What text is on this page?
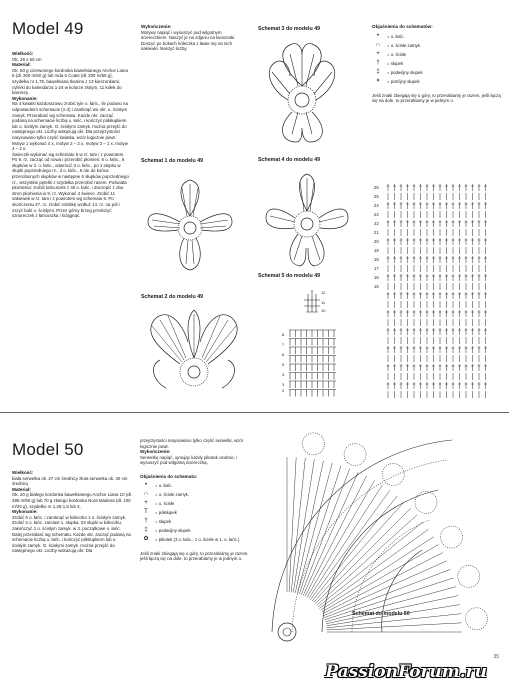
Model 49
Wielkość:
Ok. 29 x 60 cm
Materiał:
Ok. 50 g czerwonego kordonka bawełnianego Anchor Liana 5 (dł. 200 m/50 g) lub Aida 5 Coats (dł. 200 m/50 g), szydełko nr 1,75, bawełniana tkanina z 13 kieszonkami, cyferki do kalendarza 1-24 w kolorze złotym, 11 kółek do karniszy.
Wykonanie:
Na 4 kwiatki każdorazowo zrobić tyle o. łańc., ile podano na odpowiednim schemacie (1-4) i zamknąć we okr. o. ścisłym zamyk. Przerabiać wg schematu. Każde okr. zacząć podaną na schemacie liczbą o. łańc. i kończyć półsłupkiem lub o. ścisłym zamyk. O. ścisłymi zamyk. można przejść do następnego okr. Liczby wskazują okr. Dla przejrzystości narysowano tylko część kwiatka, wzór łogicznie powt. Motyw 1 wykonać 4 x, motyw 2 – 2 x, motyw 3 – 1 x, motyw 4 – 2 x.
Świeczki wykonać wg schematu 5 w rz. tam i z powrotem. Po 9. rz. zacząć od nowa i przerobić płomień. 6 o. łańc., 6 słupków w 3. o. łańc., odwrócić 3 o. łańc., po 1 słupku w słupki poprzedniego rz., 3 o. łańc., 6 nie do końca przerobionych słupków w następne 6 słupków poprzedniego rz., wszystkie pętelki z szydełka przerobić razem. Poświata płomienia: zrobić łańcuszek z 40 o. łańc. i doczepić z obu stron płomienia w 9. rz. Wykonać 4 świece. Zrobić 11 sakiewek w rz. tam i z powrotem wg schematu 6. Po skończeniu 27. rz. zrobić robótkę wzdłuż 14. rz. na pół i zszyć boki o. ścisłymi. Przez górny brzeg przełożyć sznureczek z łańcuszka i ściągnąć.
Wykończenie:
Motywy napiąć i wysuszyć pod wilgotnym ściereczkiem. Naszyć je na zdjęciu na kieszonki. Doszyć po bokach kółeczka z ławie się na nich sakiewki. Naszyć liczby.
Schemat 3 do modelu 49
Schemat 1 do modelu 49	Schemat 4 do modelu 49
Schemat 5 do modelu 49
Schemat 2 do modelu 49
12
11
10
8
7
6
5
4
3
2
Objaśnienia do schematów:
•	= o. łańc.
∩	= o. ścisłe zamyk.
+	= o. ścisłe
†	= słupek
‡	= podwójny słupek
⧧	= potrójny słupek
Jeśli znaki zbiegają się u góry, to przerabiamy je razem, jeśli łączą się na dole, to przerabiamy je w jednym o.
26
25
24
23
22
21
20
19
18
17
16
15
Model 50
Wielkość:
biała serwetka ok. 27 cm średnicy złota serwetka ok. 40 cm średnicy
Materiał:
Ok. 20 g białego kordonka bawełnianego Anchor Liana 10 (dł. 285 m/50 g) lub 70 g złotego kordonka Nora Madeira (dł. 100 m/25 g), szydełko nr 1,25-1,5 lub 2.
Wykonanie:
Zrobić 6 o. łańc. i zamknąć w kółeczko 1 o. ścisłym zamyk. Zrobić 3 o. łańc. zamiast 1. słupka, 23 słupki w kółeczku, zakończyć 1 o. ścisłym zamyk. w 3. początkowe o. łańc. Dalej przerabiać wg schematu. Każde okr. zacząć podaną na schemacie liczbą o. łańc. i kończyć półsłupkiem lub o. ścisłym zamyk. O. ścisłymi zamyk. można przejść do następnego okr. Liczby wskazują okr. Dla
przejrzystości narysowano tylko część serwetki, wzór łogicznie powt.
Wykończenie:
Serwetkę napiąć, ujmując każdy pikotek osobno, i wysuszyć pod wilgotną ściereczką.
Objaśnienia do schematu:
•	= o. łańc.
∩	= o. ścisłe zamyk.
+	= o. ścisłe
T	= półsłupek
†	= słupek
‡	= podwójny słupek
✿	= pikotek (3 o. łańc., 1 o. ścisłe w 1. o. łańc.)
Jeśli znaki zbiegają się u góry, to przerabiamy je razem, jeśli łączą się na dole, to przerabiamy je w jednym o.
Schemat do modelu 50
35
PassionForum.ru
